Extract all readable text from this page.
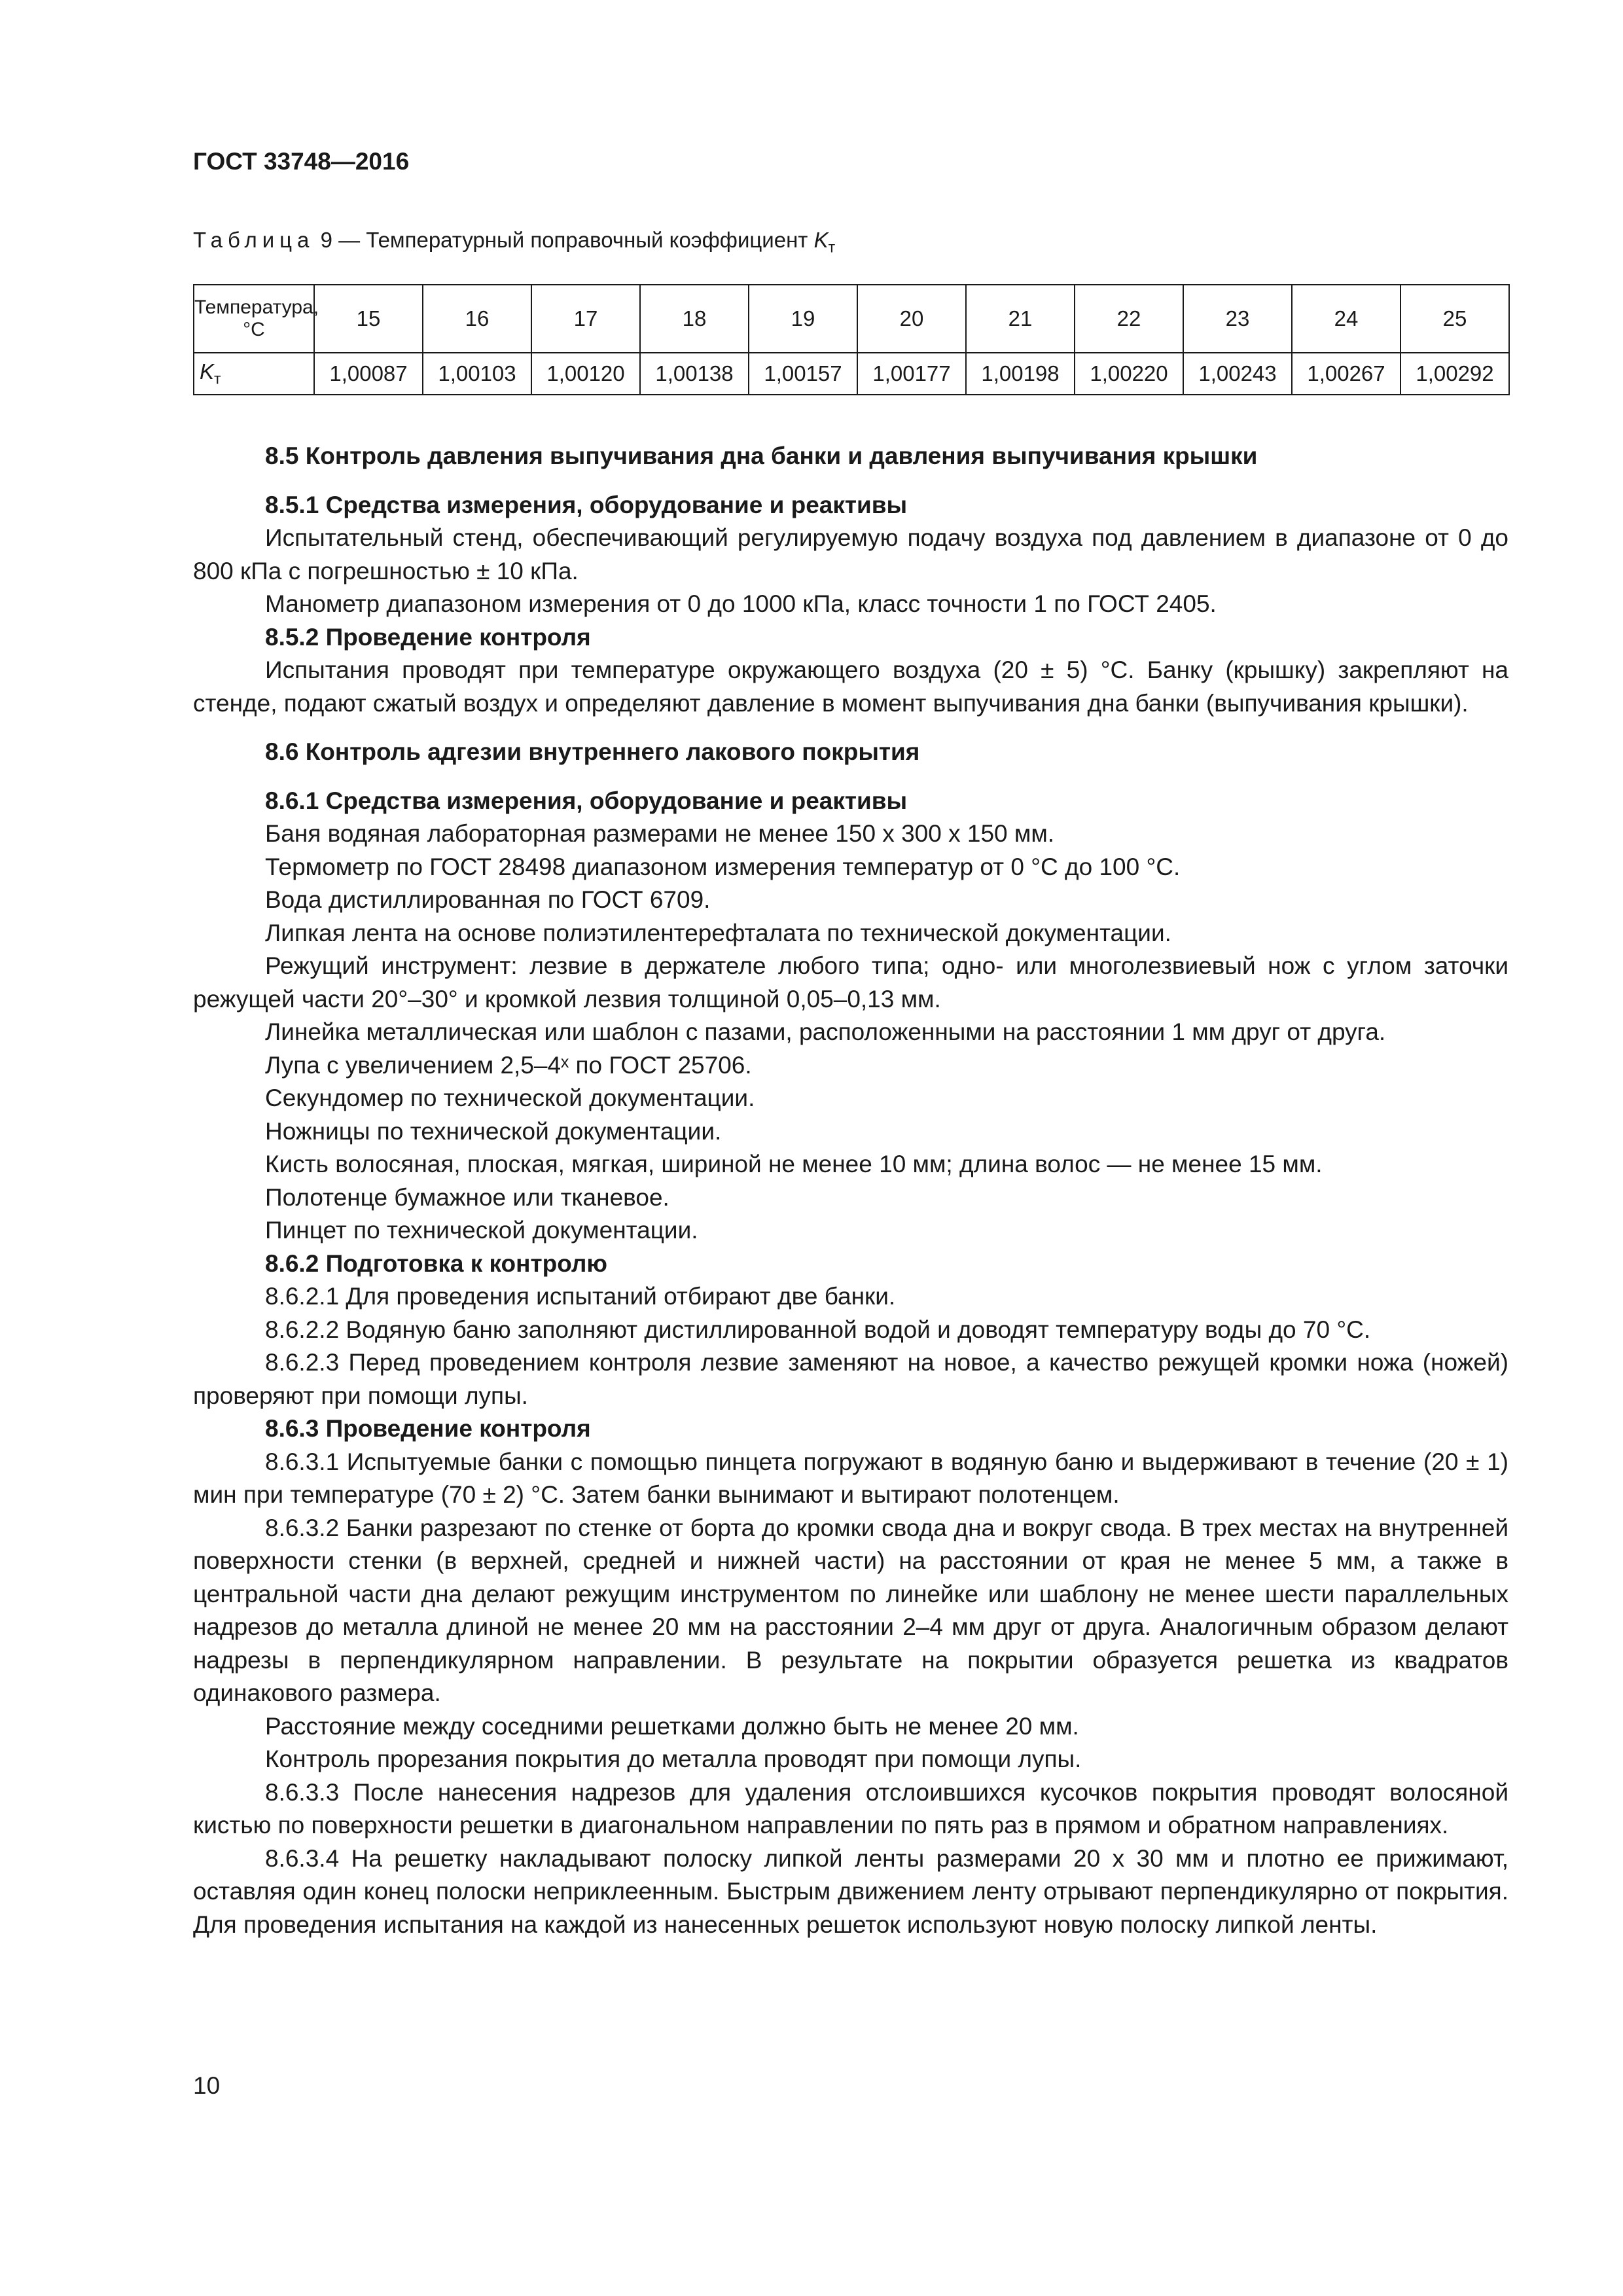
ГОСТ 33748—2016
Таблица 9 — Температурный поправочный коэффициент $K_т$
Температура, °С	15	16	17	18	19	20	21	22	23	24	25
$K_т$	1,00087	1,00103	1,00120	1,00138	1,00157	1,00177	1,00198	1,00220	1,00243	1,00267	1,00292
8.5 Контроль давления выпучивания дна банки и давления выпучивания крышки
8.5.1 Средства измерения, оборудование и реактивы

Испытательный стенд, обеспечивающий регулируемую подачу воздуха под давлением в диапазоне от 0 до 800 кПа с погрешностью ± 10 кПа.

Манометр диапазоном измерения от 0 до 1000 кПа, класс точности 1 по ГОСТ 2405.

8.5.2 Проведение контроля

Испытания проводят при температуре окружающего воздуха (20 ± 5) °С. Банку (крышку) закрепляют на стенде, подают сжатый воздух и определяют давление в момент выпучивания дна банки (выпучивания крышки).

8.6 Контроль адгезии внутреннего лакового покрытия
8.6.1 Средства измерения, оборудование и реактивы

Баня водяная лабораторная размерами не менее 150 x 300 x 150 мм.

Термометр по ГОСТ 28498 диапазоном измерения температур от 0 °С до 100 °С.

Вода дистиллированная по ГОСТ 6709.

Липкая лента на основе полиэтилентерефталата по технической документации.

Режущий инструмент: лезвие в держателе любого типа; одно- или многолезвиевый нож с углом заточки режущей части 20°–30° и кромкой лезвия толщиной 0,05–0,13 мм.

Линейка металлическая или шаблон с пазами, расположенными на расстоянии 1 мм друг от друга.

Лупа с увеличением 2,5–4ˣ по ГОСТ 25706.

Секундомер по технической документации.

Ножницы по технической документации.

Кисть волосяная, плоская, мягкая, шириной не менее 10 мм; длина волос — не менее 15 мм.

Полотенце бумажное или тканевое.

Пинцет по технической документации.

8.6.2 Подготовка к контролю

8.6.2.1 Для проведения испытаний отбирают две банки.

8.6.2.2 Водяную баню заполняют дистиллированной водой и доводят температуру воды до 70 °С.

8.6.2.3 Перед проведением контроля лезвие заменяют на новое, а качество режущей кромки ножа (ножей) проверяют при помощи лупы.

8.6.3 Проведение контроля

8.6.3.1 Испытуемые банки с помощью пинцета погружают в водяную баню и выдерживают в течение (20 ± 1) мин при температуре (70 ± 2) °С. Затем банки вынимают и вытирают полотенцем.

8.6.3.2 Банки разрезают по стенке от борта до кромки свода дна и вокруг свода. В трех местах на внутренней поверхности стенки (в верхней, средней и нижней части) на расстоянии от края не менее 5 мм, а также в центральной части дна делают режущим инструментом по линейке или шаблону не менее шести параллельных надрезов до металла длиной не менее 20 мм на расстоянии 2–4 мм друг от друга. Аналогичным образом делают надрезы в перпендикулярном направлении. В результате на покрытии образуется решетка из квадратов одинакового размера.

Расстояние между соседними решетками должно быть не менее 20 мм.

Контроль прорезания покрытия до металла проводят при помощи лупы.

8.6.3.3 После нанесения надрезов для удаления отслоившихся кусочков покрытия проводят волосяной кистью по поверхности решетки в диагональном направлении по пять раз в прямом и обратном направлениях.

8.6.3.4 На решетку накладывают полоску липкой ленты размерами 20 x 30 мм и плотно ее прижимают, оставляя один конец полоски неприклеенным. Быстрым движением ленту отрывают перпендикулярно от покрытия. Для проведения испытания на каждой из нанесенных решеток используют новую полоску липкой ленты.

10
